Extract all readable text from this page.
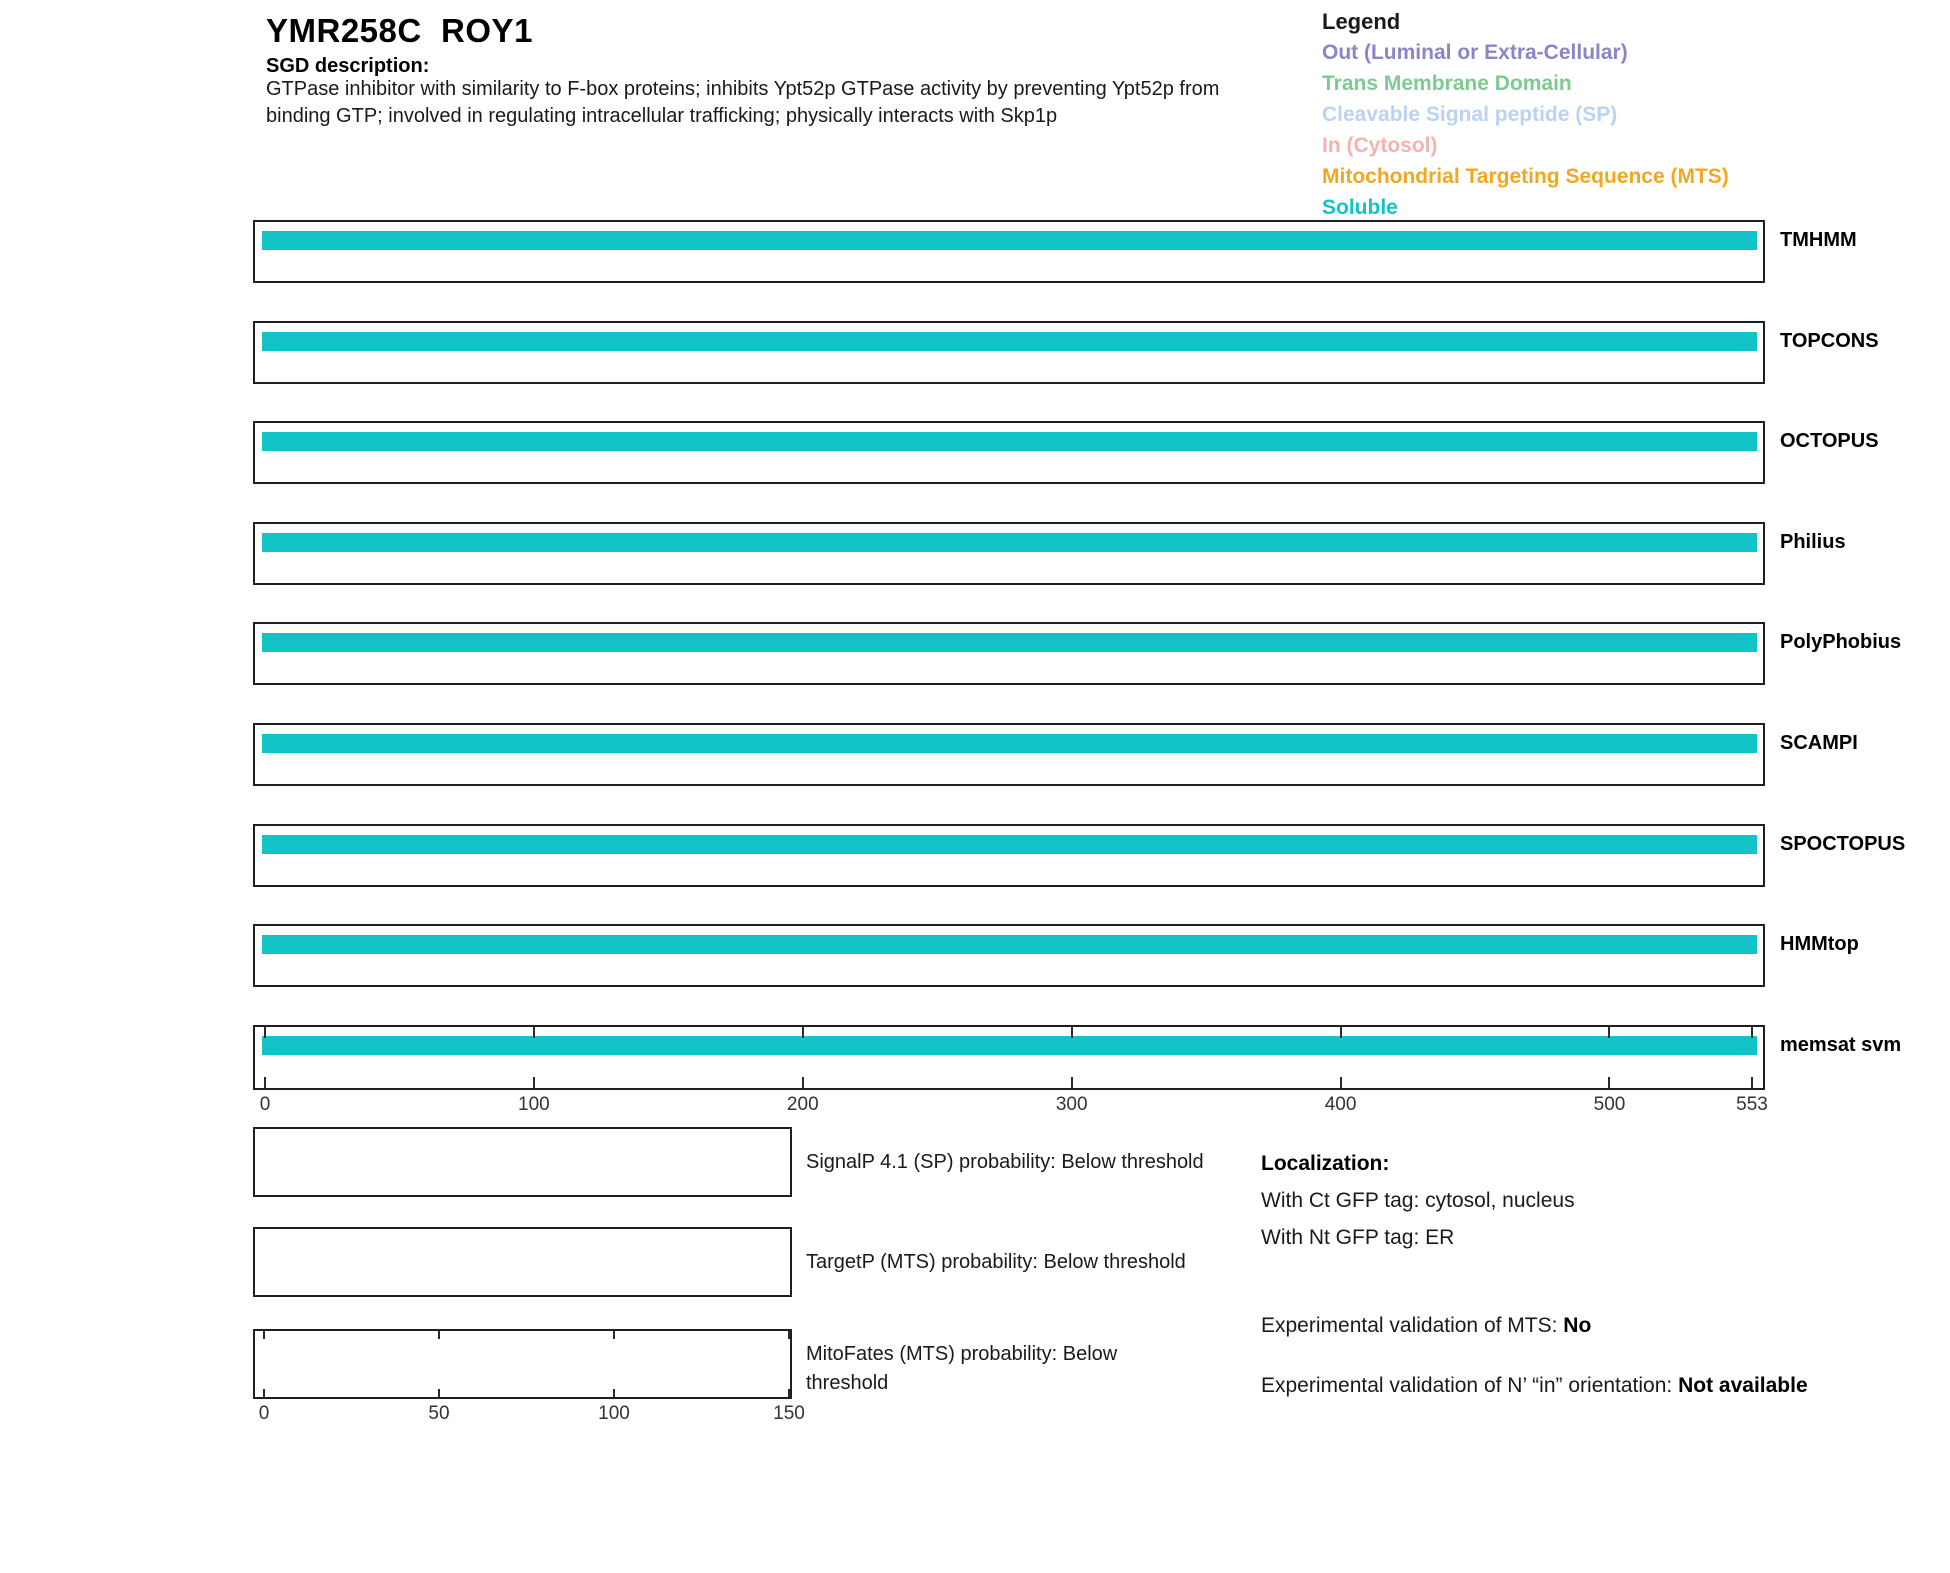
YMR258C  ROY1
SGD description:
GTPase inhibitor with similarity to F-box proteins; inhibits Ypt52p GTPase activity by preventing Ypt52p from binding GTP; involved in regulating intracellular trafficking; physically interacts with Skp1p
Legend
Out (Luminal or Extra-Cellular)
Trans Membrane Domain
Cleavable Signal peptide (SP)
In (Cytosol)
Mitochondrial Targeting Sequence (MTS)
Soluble
TMHMM
TOPCONS
OCTOPUS
Philius
PolyPhobius
SCAMPI
SPOCTOPUS
HMMtop
memsat svm
0	100	200	300	400	500	553
SignalP 4.1 (SP) probability: Below threshold
TargetP (MTS) probability: Below threshold
0	50	100	150
MitoFates (MTS) probability: Below threshold
Localization:
With Ct GFP tag: cytosol, nucleus
With Nt GFP tag: ER
Experimental validation of MTS: No
Experimental validation of N’ “in” orientation: Not available
